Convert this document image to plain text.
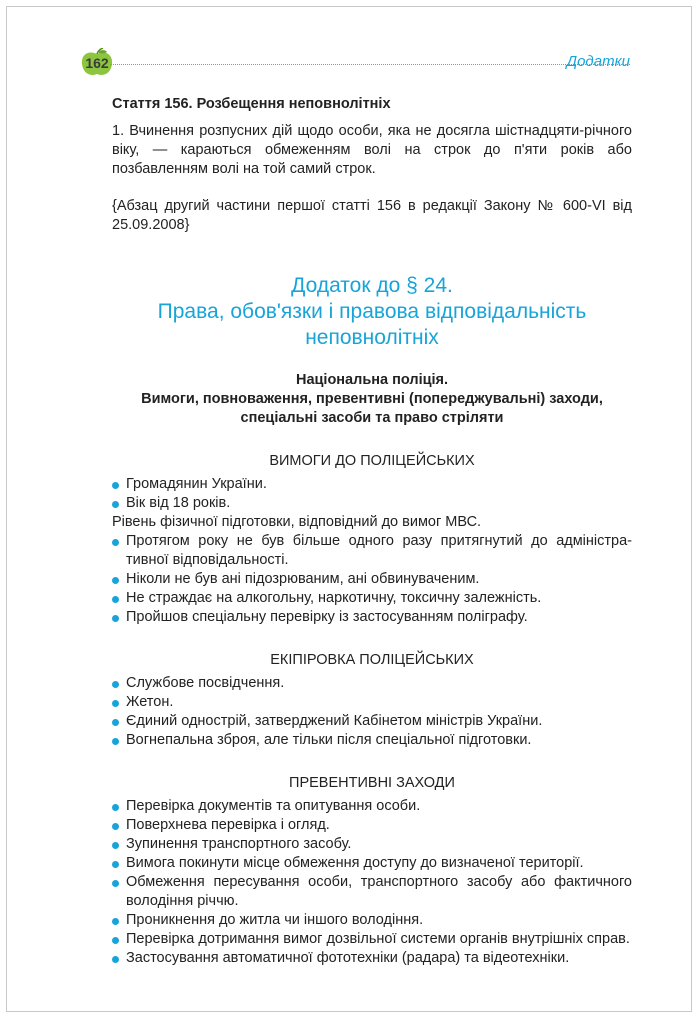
162	Додатки
Стаття 156. Розбещення неповнолітніх

1. Вчинення розпусних дій щодо особи, яка не досягла шістнадцяти-річного віку, — караються обмеженням волі на строк до п'яти років або позбавленням волі на той самий строк.

{Абзац другий частини першої статті 156 в редакції Закону № 600-VI від 25.09.2008}

Додаток до § 24.
Права, обов'язки і правова відповідальність
неповнолітніх
Національна поліція.
Вимоги, повноваження, превентивні (попереджувальні) заходи,
спеціальні засоби та право стріляти
ВИМОГИ ДО ПОЛІЦЕЙСЬКИХ
Громадянин України.
Вік від 18 років.

Рівень фізичної підготовки, відповідний до вимог МВС.

Протягом року не був більше одного разу притягнутий до адміністра-тивної відповідальності.
Ніколи не був ані підозрюваним, ані обвинуваченим.
Не страждає на алкогольну, наркотичну, токсичну залежність.
Пройшов спеціальну перевірку із застосуванням поліграфу.
ЕКІПІРОВКА ПОЛІЦЕЙСЬКИХ
Службове посвідчення.
Жетон.
Єдиний однострій, затверджений Кабінетом міністрів України.
Вогнепальна зброя, але тільки після спеціальної підготовки.
ПРЕВЕНТИВНІ ЗАХОДИ
Перевірка документів та опитування особи.
Поверхнева перевірка і огляд.
Зупинення транспортного засобу.
Вимога покинути місце обмеження доступу до визначеної території.
Обмеження пересування особи, транспортного засобу або фактичного володіння річчю.
Проникнення до житла чи іншого володіння.
Перевірка дотримання вимог дозвільної системи органів внутрішніх справ.
Застосування автоматичної фототехніки (радара) та відеотехніки.
